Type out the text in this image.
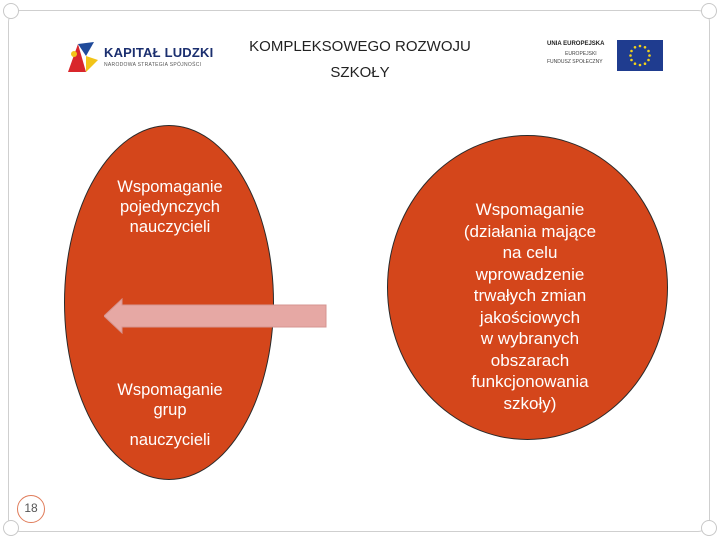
KAPITAŁ LUDZKI
NARODOWA STRATEGIA SPÓJNOŚCI
KOMPLEKSOWEGO ROZWOJU
SZKOŁY
UNIA EUROPEJSKA
EUROPEJSKI
FUNDUSZ SPOŁECZNY
Wspomaganie
pojedynczych
nauczycieli
Wspomaganie
grup
nauczycieli
Wspomaganie
(działania mające
na celu
wprowadzenie
trwałych zmian
jakościowych
w wybranych
obszarach
funkcjonowania
szkoły)
18
